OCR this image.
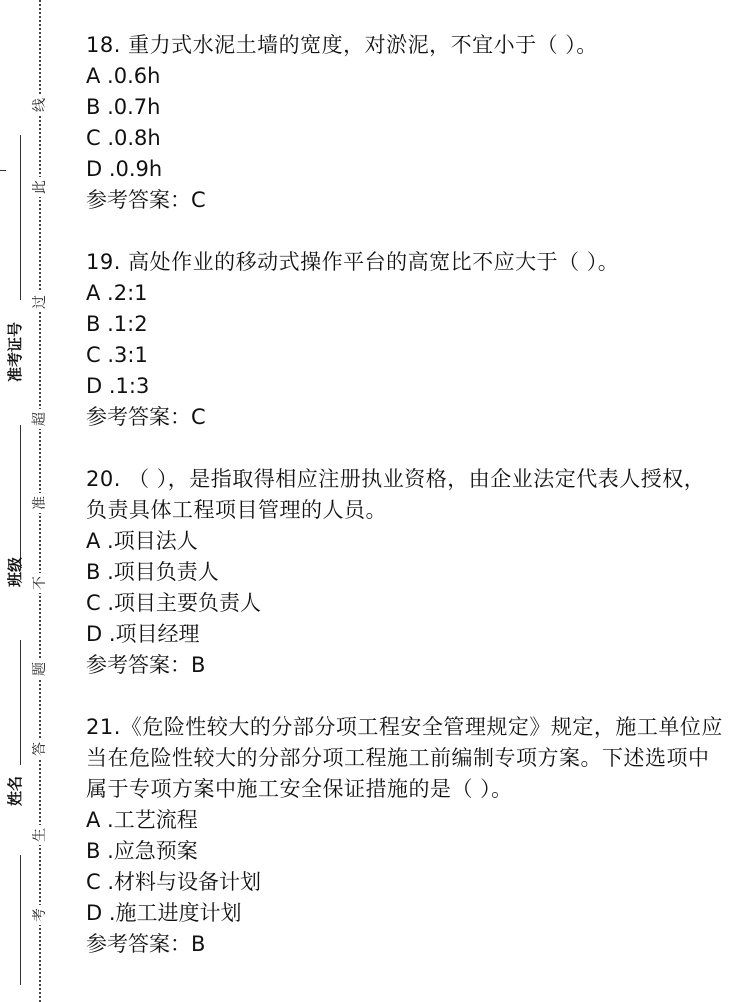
线
此
过
超
准
不
题
答
生
考
准考证号
班级
姓名

18. 重力式水泥土墙的宽度，对淤泥，不宜小于（ ）。

A .0.6h

B .0.7h

C .0.8h

D .0.9h

参考答案：C

19. 高处作业的移动式操作平台的高宽比不应大于（ ）。

A .2:1

B .1:2

C .3:1

D .1:3

参考答案：C

20. （ ），是指取得相应注册执业资格，由企业法定代表人授权，负责具体工程项目管理的人员。

A .项目法人

B .项目负责人

C .项目主要负责人

D .项目经理

参考答案：B

21.《危险性较大的分部分项工程安全管理规定》规定，施工单位应当在危险性较大的分部分项工程施工前编制专项方案。下述选项中属于专项方案中施工安全保证措施的是（ ）。

A .工艺流程

B .应急预案

C .材料与设备计划

D .施工进度计划

参考答案：B
